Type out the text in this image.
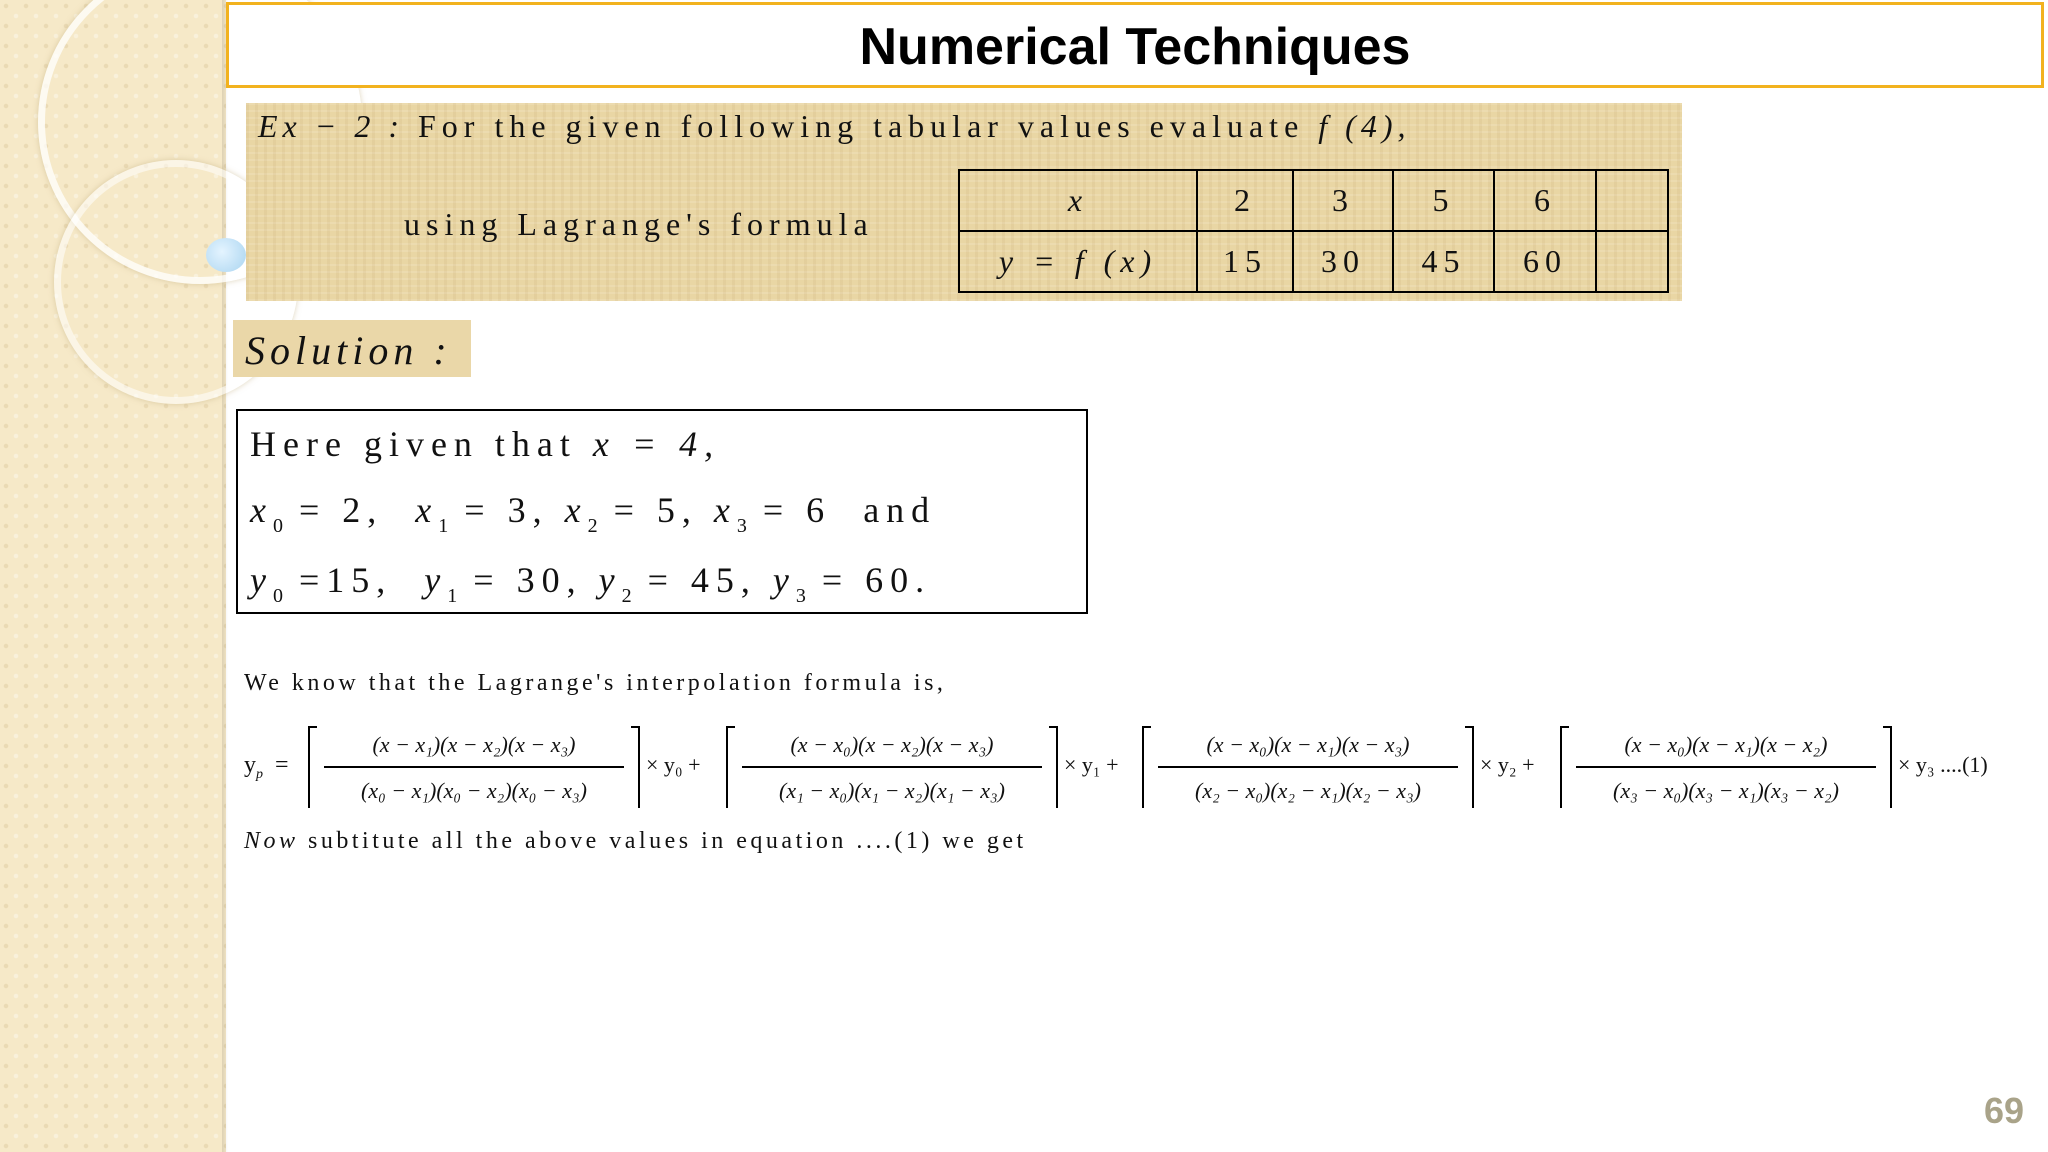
Numerical Techniques
Ex − 2 : For the given following tabular values evaluate f (4),
using Lagrange's formula
x	2	3	5	6	
y = f (x)	15	30	45	60	
Solution :
Here given that x = 4,
$x_0 = 2$, $x_1 = 3$, $x_2 = 5$, $x_3 = 6$ and
$y_0 =15$, $y_1 = 30$, $y_2 = 45$, $y_3 = 60$.
We know that the Lagrange's interpolation formula is,
$y_p$ =
(x − x₁)(x − x₂)(x − x₃)
(x₀ − x₁)(x₀ − x₂)(x₀ − x₃)
× y₀ +
(x − x₀)(x − x₂)(x − x₃)
(x₁ − x₀)(x₁ − x₂)(x₁ − x₃)
× y₁ +
(x − x₀)(x − x₁)(x − x₃)
(x₂ − x₀)(x₂ − x₁)(x₂ − x₃)
× y₂ +
(x − x₀)(x − x₁)(x − x₂)
(x₃ − x₀)(x₃ − x₁)(x₃ − x₂)
× y₃ ....(1)
Now subtitute all the above values in equation ....(1) we get
69
